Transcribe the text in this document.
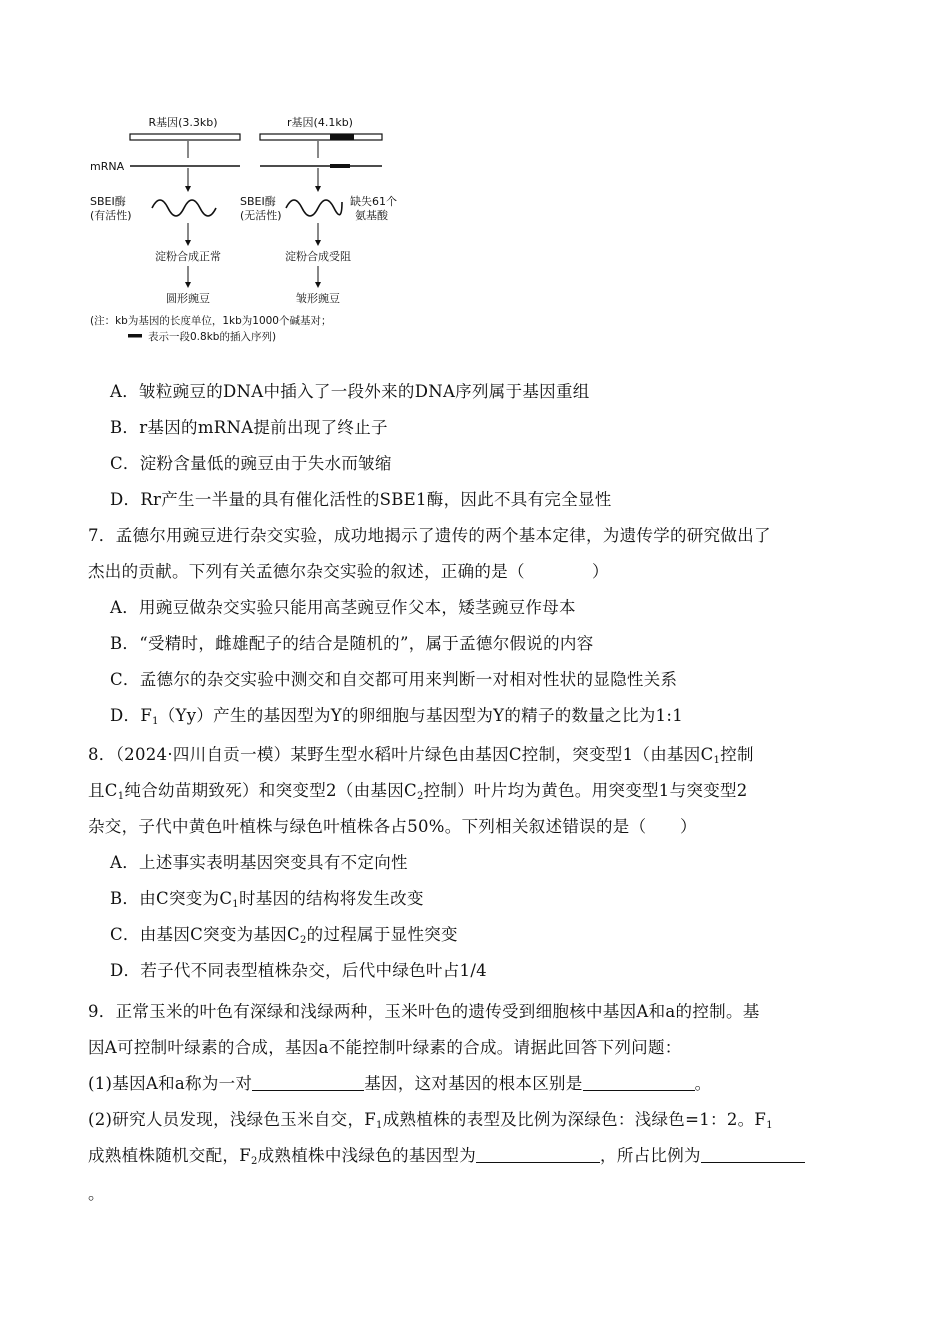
R基因(3.3kb)	r基因(4.1kb)
mRNA
SBEI酶
(有活性)
SBEI酶
(无活性)
缺失61个
氨基酸
淀粉合成正常	淀粉合成受阻
圆形豌豆	皱形豌豆
(注：kb为基因的长度单位，1kb为1000个碱基对；
表示一段0.8kb的插入序列)
A．皱粒豌豆的DNA中插入了一段外来的DNA序列属于基因重组
B．r基因的mRNA提前出现了终止子
C．淀粉含量低的豌豆由于失水而皱缩
D．Rr产生一半量的具有催化活性的SBE1酶，因此不具有完全显性
7．孟德尔用豌豆进行杂交实验，成功地揭示了遗传的两个基本定律，为遗传学的研究做出了
杰出的贡献。下列有关孟德尔杂交实验的叙述，正确的是（　　　　）
A．用豌豆做杂交实验只能用高茎豌豆作父本，矮茎豌豆作母本
B．“受精时，雌雄配子的结合是随机的”，属于孟德尔假说的内容
C．孟德尔的杂交实验中测交和自交都可用来判断一对相对性状的显隐性关系
D．$F_1(Yy)$产生的基因型为Y的卵细胞与基因型为Y的精子的数量之比为1:1
8．（2024·四川自贡一模）某野生型水稻叶片绿色由基因C控制，突变型1（由基因$C_1$控制
且$C_1$纯合幼苗期致死）和突变型2（由基因$C_2$控制）叶片均为黄色。用突变型1与突变型2
杂交，子代中黄色叶植株与绿色叶植株各占50%。下列相关叙述错误的是（　　）
A．上述事实表明基因突变具有不定向性
B．由C突变为$C_1$时基因的结构将发生改变
C．由基因C突变为基因$C_2$的过程属于显性突变
D．若子代不同表型植株杂交，后代中绿色叶占1/4
9．正常玉米的叶色有深绿和浅绿两种，玉米叶色的遗传受到细胞核中基因A和a的控制。基
因A可控制叶绿素的合成，基因a不能控制叶绿素的合成。请据此回答下列问题：
(1)基因A和a称为一对	基因，这对基因的根本区别是	。
(2)研究人员发现，浅绿色玉米自交，$F_1$成熟植株的表型及比例为深绿色：浅绿色=1：2。$F_1$
成熟植株随机交配，$F_2$成熟植株中浅绿色的基因型为	，所占比例为
。
